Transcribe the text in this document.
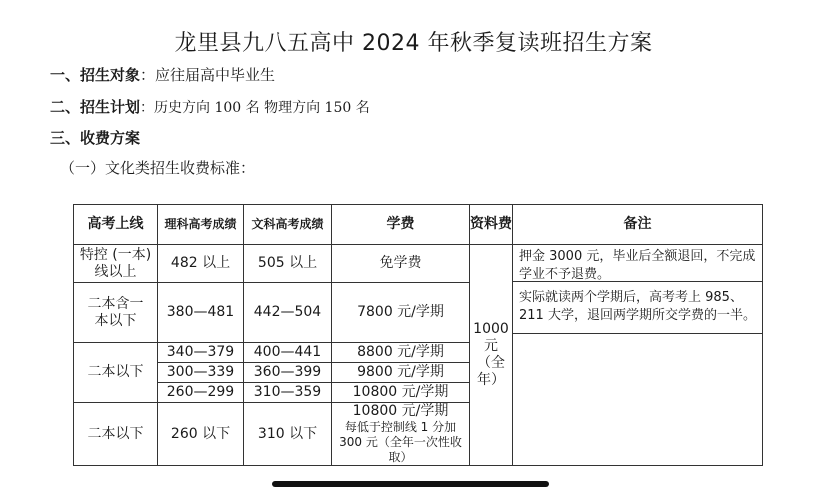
龙里县九八五高中 2024 年秋季复读班招生方案
一、招生对象：应往届高中毕业生
二、招生计划：历史方向 100 名 物理方向 150 名
三、收费方案
（一）文化类招生收费标准：
高考上线	理科高考成绩	文科高考成绩	学费	资料费	备注
特控 (一本) 线以上	482 以上	505 以上	免学费	1000 元（全年）	押金 3000 元，毕业后全额退回，不完成学业不予退费。
实际就读两个学期后，高考考上 985、211 大学，退回两学期所交学费的一半。

二本含一本以下	380—481	442—504	7800 元/学期		
二本以下	340—379	400—441	8800 元/学期		
	300—339	360—399	9800 元/学期		
	260—299	310—359	10800 元/学期		
二本以下	260 以下	310 以下	10800 元/学期
每低于控制线 1 分加 300 元（全年一次性收取）		
